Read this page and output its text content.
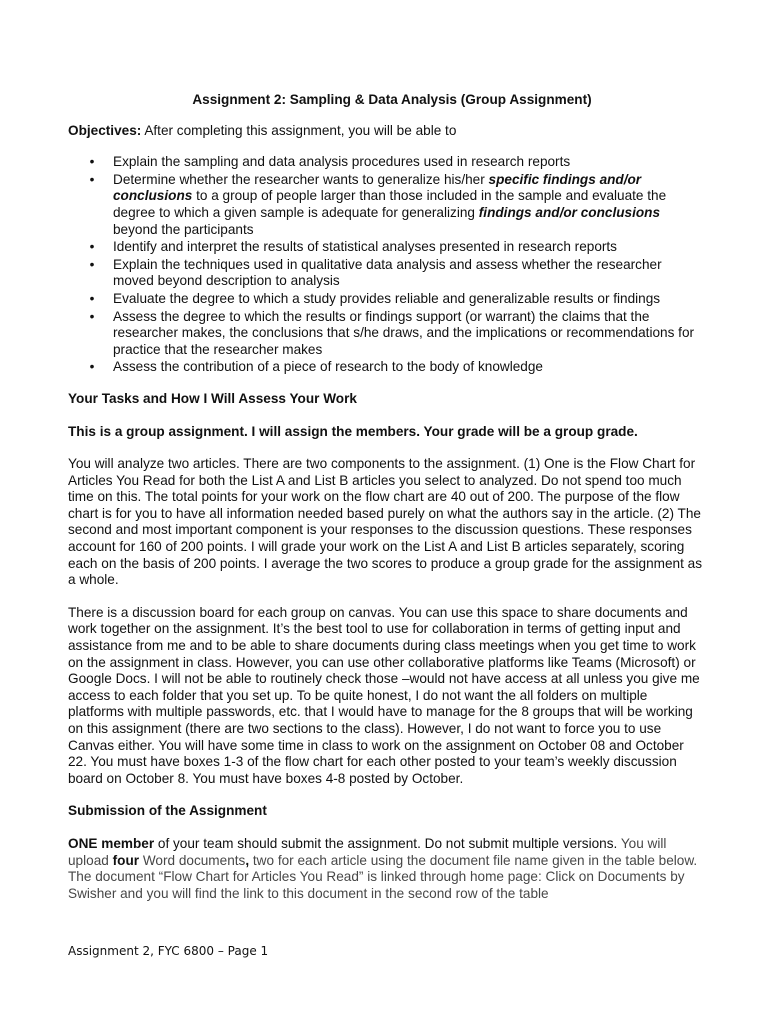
Assignment 2: Sampling & Data Analysis (Group Assignment)

Objectives: After completing this assignment, you will be able to

• Explain the sampling and data analysis procedures used in research reports
• Determine whether the researcher wants to generalize his/her specific findings and/or conclusions to a group of people larger than those included in the sample and evaluate the degree to which a given sample is adequate for generalizing findings and/or conclusions beyond the participants
• Identify and interpret the results of statistical analyses presented in research reports
• Explain the techniques used in qualitative data analysis and assess whether the researcher moved beyond description to analysis
• Evaluate the degree to which a study provides reliable and generalizable results or findings
• Assess the degree to which the results or findings support (or warrant) the claims that the researcher makes, the conclusions that s/he draws, and the implications or recommendations for practice that the researcher makes
• Assess the contribution of a piece of research to the body of knowledge

Your Tasks and How I Will Assess Your Work

This is a group assignment. I will assign the members. Your grade will be a group grade.

You will analyze two articles. There are two components to the assignment. (1) One is the Flow Chart for Articles You Read for both the List A and List B articles you select to analyzed. Do not spend too much time on this. The total points for your work on the flow chart are 40 out of 200. The purpose of the flow chart is for you to have all information needed based purely on what the authors say in the article. (2) The second and most important component is your responses to the discussion questions. These responses account for 160 of 200 points. I will grade your work on the List A and List B articles separately, scoring each on the basis of 200 points. I average the two scores to produce a group grade for the assignment as a whole.

There is a discussion board for each group on canvas. You can use this space to share documents and work together on the assignment. It’s the best tool to use for collaboration in terms of getting input and assistance from me and to be able to share documents during class meetings when you get time to work on the assignment in class. However, you can use other collaborative platforms like Teams (Microsoft) or Google Docs. I will not be able to routinely check those –would not have access at all unless you give me access to each folder that you set up. To be quite honest, I do not want the all folders on multiple platforms with multiple passwords, etc. that I would have to manage for the 8 groups that will be working on this assignment (there are two sections to the class). However, I do not want to force you to use Canvas either. You will have some time in class to work on the assignment on October 08 and October 22. You must have boxes 1-3 of the flow chart for each other posted to your team’s weekly discussion board on October 8. You must have boxes 4-8 posted by October.

Submission of the Assignment

ONE member of your team should submit the assignment. Do not submit multiple versions. You will upload four Word documents, two for each article using the document file name given in the table below. The document “Flow Chart for Articles You Read” is linked through home page: Click on Documents by Swisher and you will find the link to this document in the second row of the table

Assignment 2, FYC 6800 – Page 1
